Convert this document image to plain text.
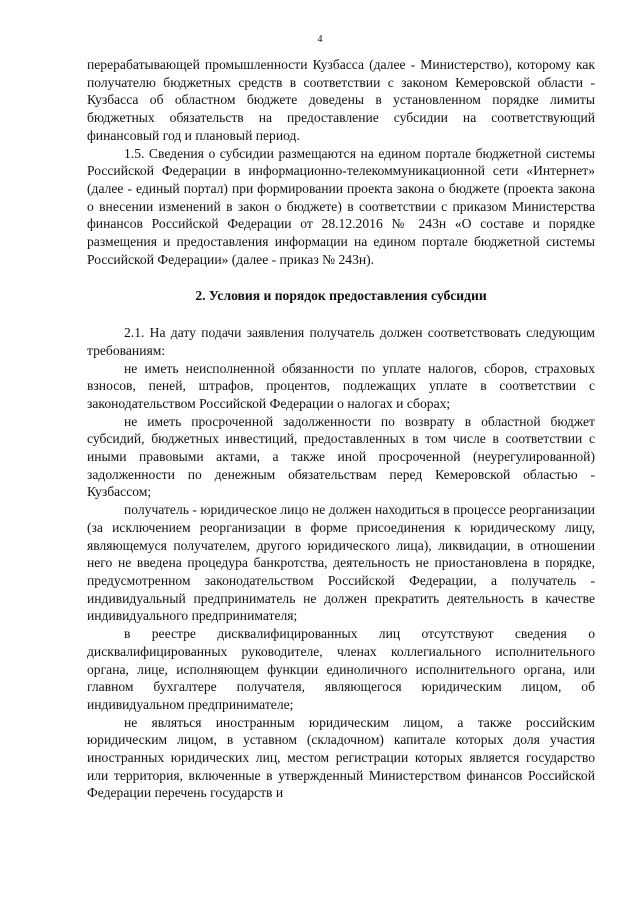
4

перерабатывающей промышленности Кузбасса (далее - Министерство), которому как получателю бюджетных средств в соответствии с законом Кемеровской области - Кузбасса об областном бюджете доведены в установленном порядке лимиты бюджетных обязательств на предоставление субсидии на соответствующий финансовый год и плановый период.

1.5. Сведения о субсидии размещаются на едином портале бюджетной системы Российской Федерации в информационно-телекоммуникационной сети «Интернет» (далее - единый портал) при формировании проекта закона о бюджете (проекта закона о внесении изменений в закон о бюджете) в соответствии с приказом Министерства финансов Российской Федерации от 28.12.2016 № 243н «О составе и порядке размещения и предоставления информации на едином портале бюджетной системы Российской Федерации» (далее - приказ № 243н).

2. Условия и порядок предоставления субсидии

2.1. На дату подачи заявления получатель должен соответствовать следующим требованиям:

не иметь неисполненной обязанности по уплате налогов, сборов, страховых взносов, пеней, штрафов, процентов, подлежащих уплате в соответствии с законодательством Российской Федерации о налогах и сборах;

не иметь просроченной задолженности по возврату в областной бюджет субсидий, бюджетных инвестиций, предоставленных в том числе в соответствии с иными правовыми актами, а также иной просроченной (неурегулированной) задолженности по денежным обязательствам перед Кемеровской областью - Кузбассом;

получатель - юридическое лицо не должен находиться в процессе реорганизации (за исключением реорганизации в форме присоединения к юридическому лицу, являющемуся получателем, другого юридического лица), ликвидации, в отношении него не введена процедура банкротства, деятельность не приостановлена в порядке, предусмотренном законодательством Российской Федерации, а получатель - индивидуальный предприниматель не должен прекратить деятельность в качестве индивидуального предпринимателя;

в реестре дисквалифицированных лиц отсутствуют сведения о дисквалифицированных руководителе, членах коллегиального исполнительного органа, лице, исполняющем функции единоличного исполнительного органа, или главном бухгалтере получателя, являющегося юридическим лицом, об индивидуальном предпринимателе;

не являться иностранным юридическим лицом, а также российским юридическим лицом, в уставном (складочном) капитале которых доля участия иностранных юридических лиц, местом регистрации которых является государство или территория, включенные в утвержденный Министерством финансов Российской Федерации перечень государств и
